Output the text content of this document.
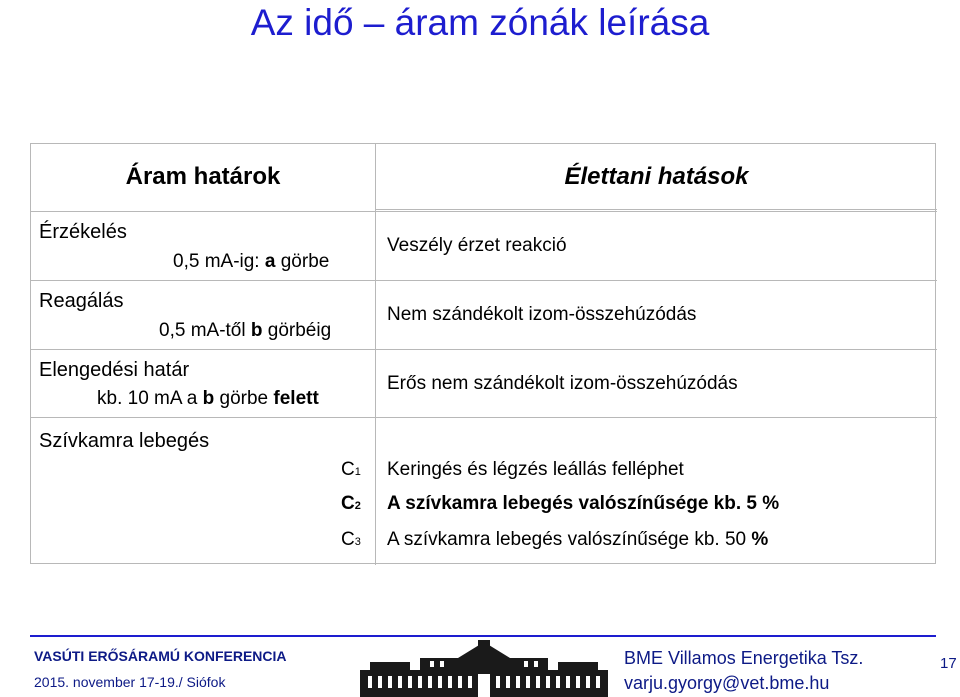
Az idő – áram zónák leírása
Áram határok	Élettani hatások
Érzékelés
0,5 mA-ig: a görbe
Veszély érzet reakció
Reagálás
0,5 mA-től b görbéig
Nem szándékolt izom-összehúzódás
Elengedési határ
kb. 10 mA a b görbe felett
Erős nem szándékolt izom-összehúzódás
Szívkamra lebegés
C1 Keringés és légzés leállás felléphet
C2 A szívkamra lebegés valószínűsége kb. 5 %
C3 A szívkamra lebegés valószínűsége kb. 50 %
VASÚTI ERŐSÁRAMÚ KONFERENCIA
2015. november 17-19./ Siófok
BME Villamos Energetika Tsz.
varju.gyorgy@vet.bme.hu
17
